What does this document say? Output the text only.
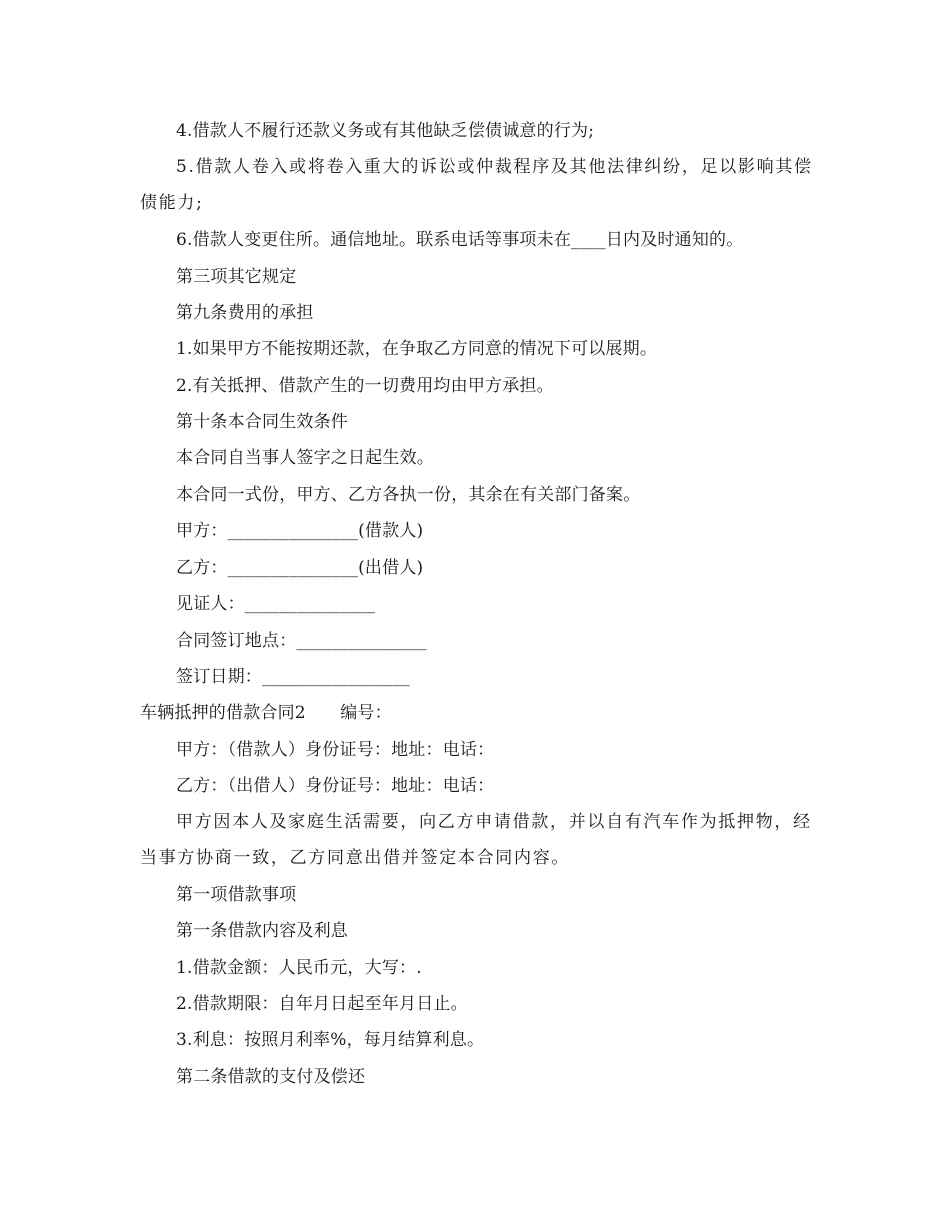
4.借款人不履行还款义务或有其他缺乏偿债诚意的行为;
5.借款人卷入或将卷入重大的诉讼或仲裁程序及其他法律纠纷，足以影响其偿债能力;
6.借款人变更住所。通信地址。联系电话等事项未在____日内及时通知的。
第三项其它规定
第九条费用的承担
1.如果甲方不能按期还款，在争取乙方同意的情况下可以展期。
2.有关抵押、借款产生的一切费用均由甲方承担。
第十条本合同生效条件
本合同自当事人签字之日起生效。
本合同一式份，甲方、乙方各执一份，其余在有关部门备案。
甲方：_______________(借款人)
乙方：_______________(出借人)
见证人：_______________
合同签订地点：_______________
签订日期：_________________
车辆抵押的借款合同2　　编号：
甲方：（借款人）身份证号：地址：电话：
乙方：（出借人）身份证号：地址：电话：
甲方因本人及家庭生活需要，向乙方申请借款，并以自有汽车作为抵押物，经当事方协商一致，乙方同意出借并签定本合同内容。
第一项借款事项
第一条借款内容及利息
1.借款金额：人民币元，大写：.
2.借款期限：自年月日起至年月日止。
3.利息：按照月利率%，每月结算利息。
第二条借款的支付及偿还
